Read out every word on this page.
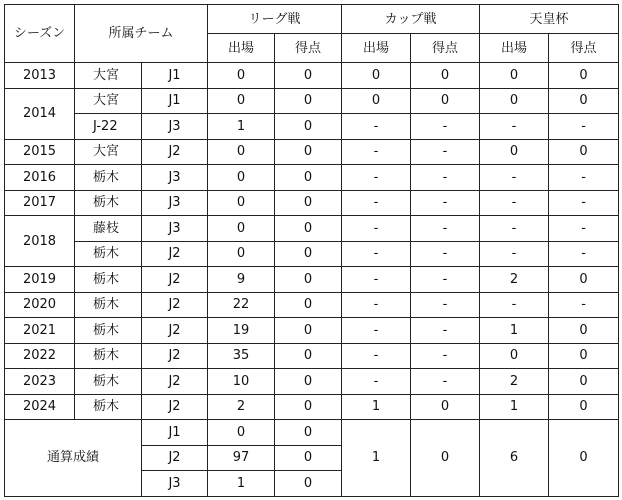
シーズン	所属チーム		リーグ戦		カップ戦		天皇杯	
			出場	得点	出場	得点	出場	得点
2013	大宮	J1	0	0	0	0	0	0
2014	大宮	J1	0	0	0	0	0	0
	J-22	J3	1	0	-	-	-	-
2015	大宮	J2	0	0	-	-	0	0
2016	栃木	J3	0	0	-	-	-	-
2017	栃木	J3	0	0	-	-	-	-
2018	藤枝	J3	0	0	-	-	-	-
	栃木	J2	0	0	-	-	-	-
2019	栃木	J2	9	0	-	-	2	0
2020	栃木	J2	22	0	-	-	-	-
2021	栃木	J2	19	0	-	-	1	0
2022	栃木	J2	35	0	-	-	0	0
2023	栃木	J2	10	0	-	-	2	0
2024	栃木	J2	2	0	1	0	1	0
通算成績		J1	0	0	1	0	6	0
		J2	97	0				
		J3	1	0				
